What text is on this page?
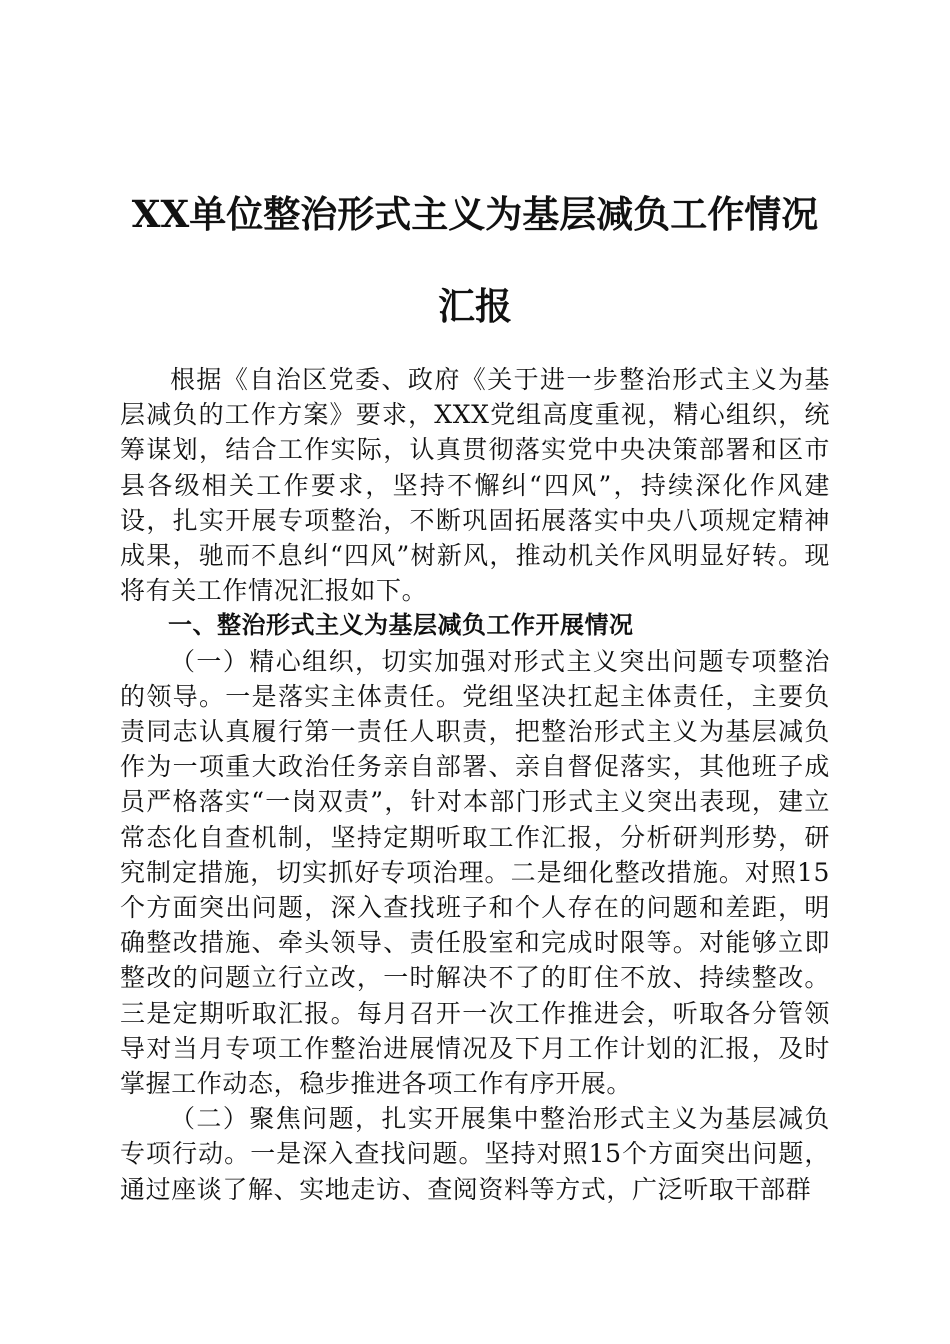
XX单位整治形式主义为基层减负工作情况汇报

根据《自治区党委、政府《关于进一步整治形式主义为基层减负的工作方案》要求，XXX党组高度重视，精心组织，统筹谋划，结合工作实际，认真贯彻落实党中央决策部署和区市县各级相关工作要求，坚持不懈纠“四风”，持续深化作风建设，扎实开展专项整治，不断巩固拓展落实中央八项规定精神成果，驰而不息纠“四风”树新风，推动机关作风明显好转。现将有关工作情况汇报如下。

一、整治形式主义为基层减负工作开展情况

（一）精心组织，切实加强对形式主义突出问题专项整治的领导。一是落实主体责任。党组坚决扛起主体责任，主要负责同志认真履行第一责任人职责，把整治形式主义为基层减负作为一项重大政治任务亲自部署、亲自督促落实，其他班子成员严格落实“一岗双责”，针对本部门形式主义突出表现，建立常态化自查机制，坚持定期听取工作汇报，分析研判形势，研究制定措施，切实抓好专项治理。二是细化整改措施。对照15个方面突出问题，深入查找班子和个人存在的问题和差距，明确整改措施、牵头领导、责任股室和完成时限等。对能够立即整改的问题立行立改，一时解决不了的盯住不放、持续整改。三是定期听取汇报。每月召开一次工作推进会，听取各分管领导对当月专项工作整治进展情况及下月工作计划的汇报，及时掌握工作动态，稳步推进各项工作有序开展。

（二）聚焦问题，扎实开展集中整治形式主义为基层减负专项行动。一是深入查找问题。坚持对照15个方面突出问题，通过座谈了解、实地走访、查阅资料等方式，广泛听取干部群
